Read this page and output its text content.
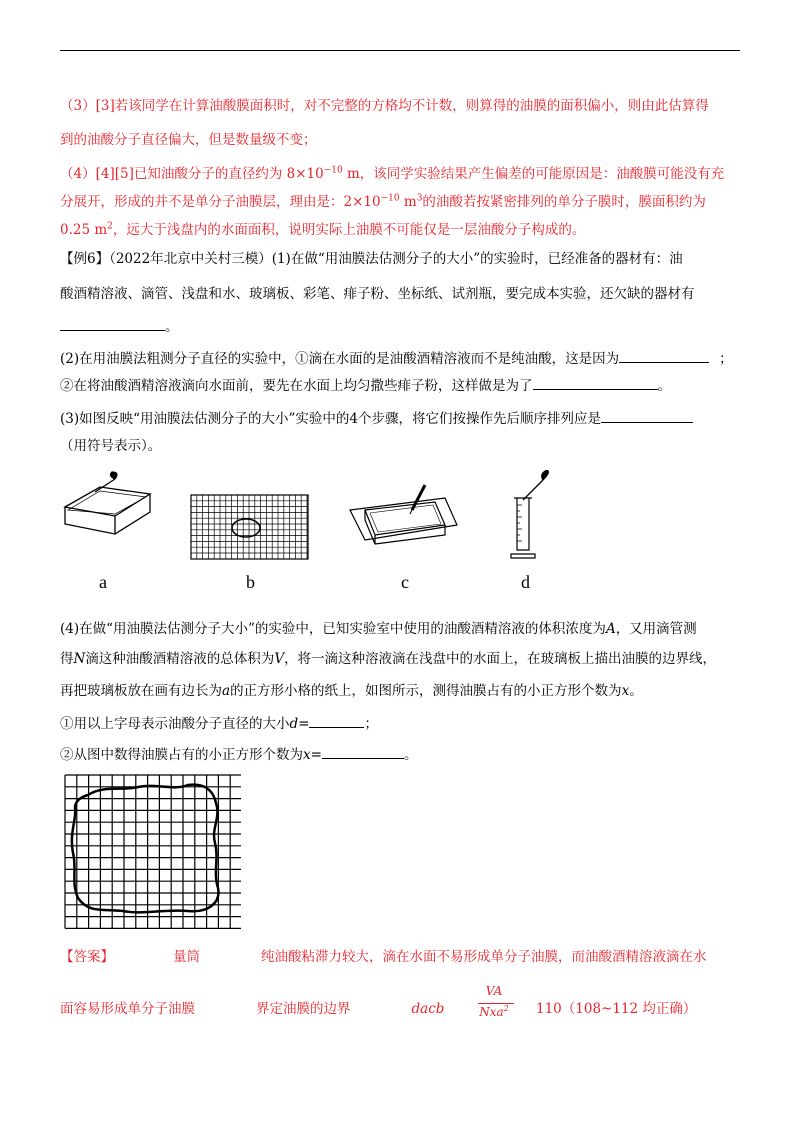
（3）[3]若该同学在计算油酸膜面积时，对不完整的方格均不计数，则算得的油膜的面积偏小，则由此估算得
到的油酸分子直径偏大，但是数量级不变；
（4）[4][5]已知油酸分子的直径约为 $8\times 10^{-10}$ m，该同学实验结果产生偏差的可能原因是：油酸膜可能没有充
分展开，形成的并不是单分子油膜层，理由是：$2\times 10^{-10}$ $m^3$的油酸若按紧密排列的单分子膜时，膜面积约为
0.25 $m^2$，远大于浅盘内的水面面积，说明实际上油膜不可能仅是一层油酸分子构成的。
【例6】（2022年北京中关村三模）(1)在做“用油膜法估测分子的大小”的实验时，已经准备的器材有：油
酸酒精溶液、滴管、浅盘和水、玻璃板、彩笔、痱子粉、坐标纸、试剂瓶，要完成本实验，还欠缺的器材有
。
(2)在用油膜法粗测分子直径的实验中，①滴在水面的是油酸酒精溶液而不是纯油酸，这是因为	；
②在将油酸酒精溶液滴向水面前，要先在水面上均匀撒些痱子粉，这样做是为了	。
(3)如图反映“用油膜法估测分子的大小”实验中的4个步骤，将它们按操作先后顺序排列应是
（用符号表示）。
a	b	c	d
(4)在做“用油膜法估测分子大小”的实验中，已知实验室中使用的油酸酒精溶液的体积浓度为A，又用滴管测
得N滴这种油酸酒精溶液的总体积为V，将一滴这种溶液滴在浅盘中的水面上，在玻璃板上描出油膜的边界线，
再把玻璃板放在画有边长为a的正方形小格的纸上，如图所示，测得油膜占有的小正方形个数为x。
①用以上字母表示油酸分子直径的大小d=	；
②从图中数得油膜占有的小正方形个数为x=	。
【答案】	量筒	纯油酸粘滞力较大，滴在水面不易形成单分子油膜，而油酸酒精溶液滴在水
面容易形成单分子油膜	界定油膜的边界	dacb
VA
Nxa$^2$	110（108~112 均正确）
